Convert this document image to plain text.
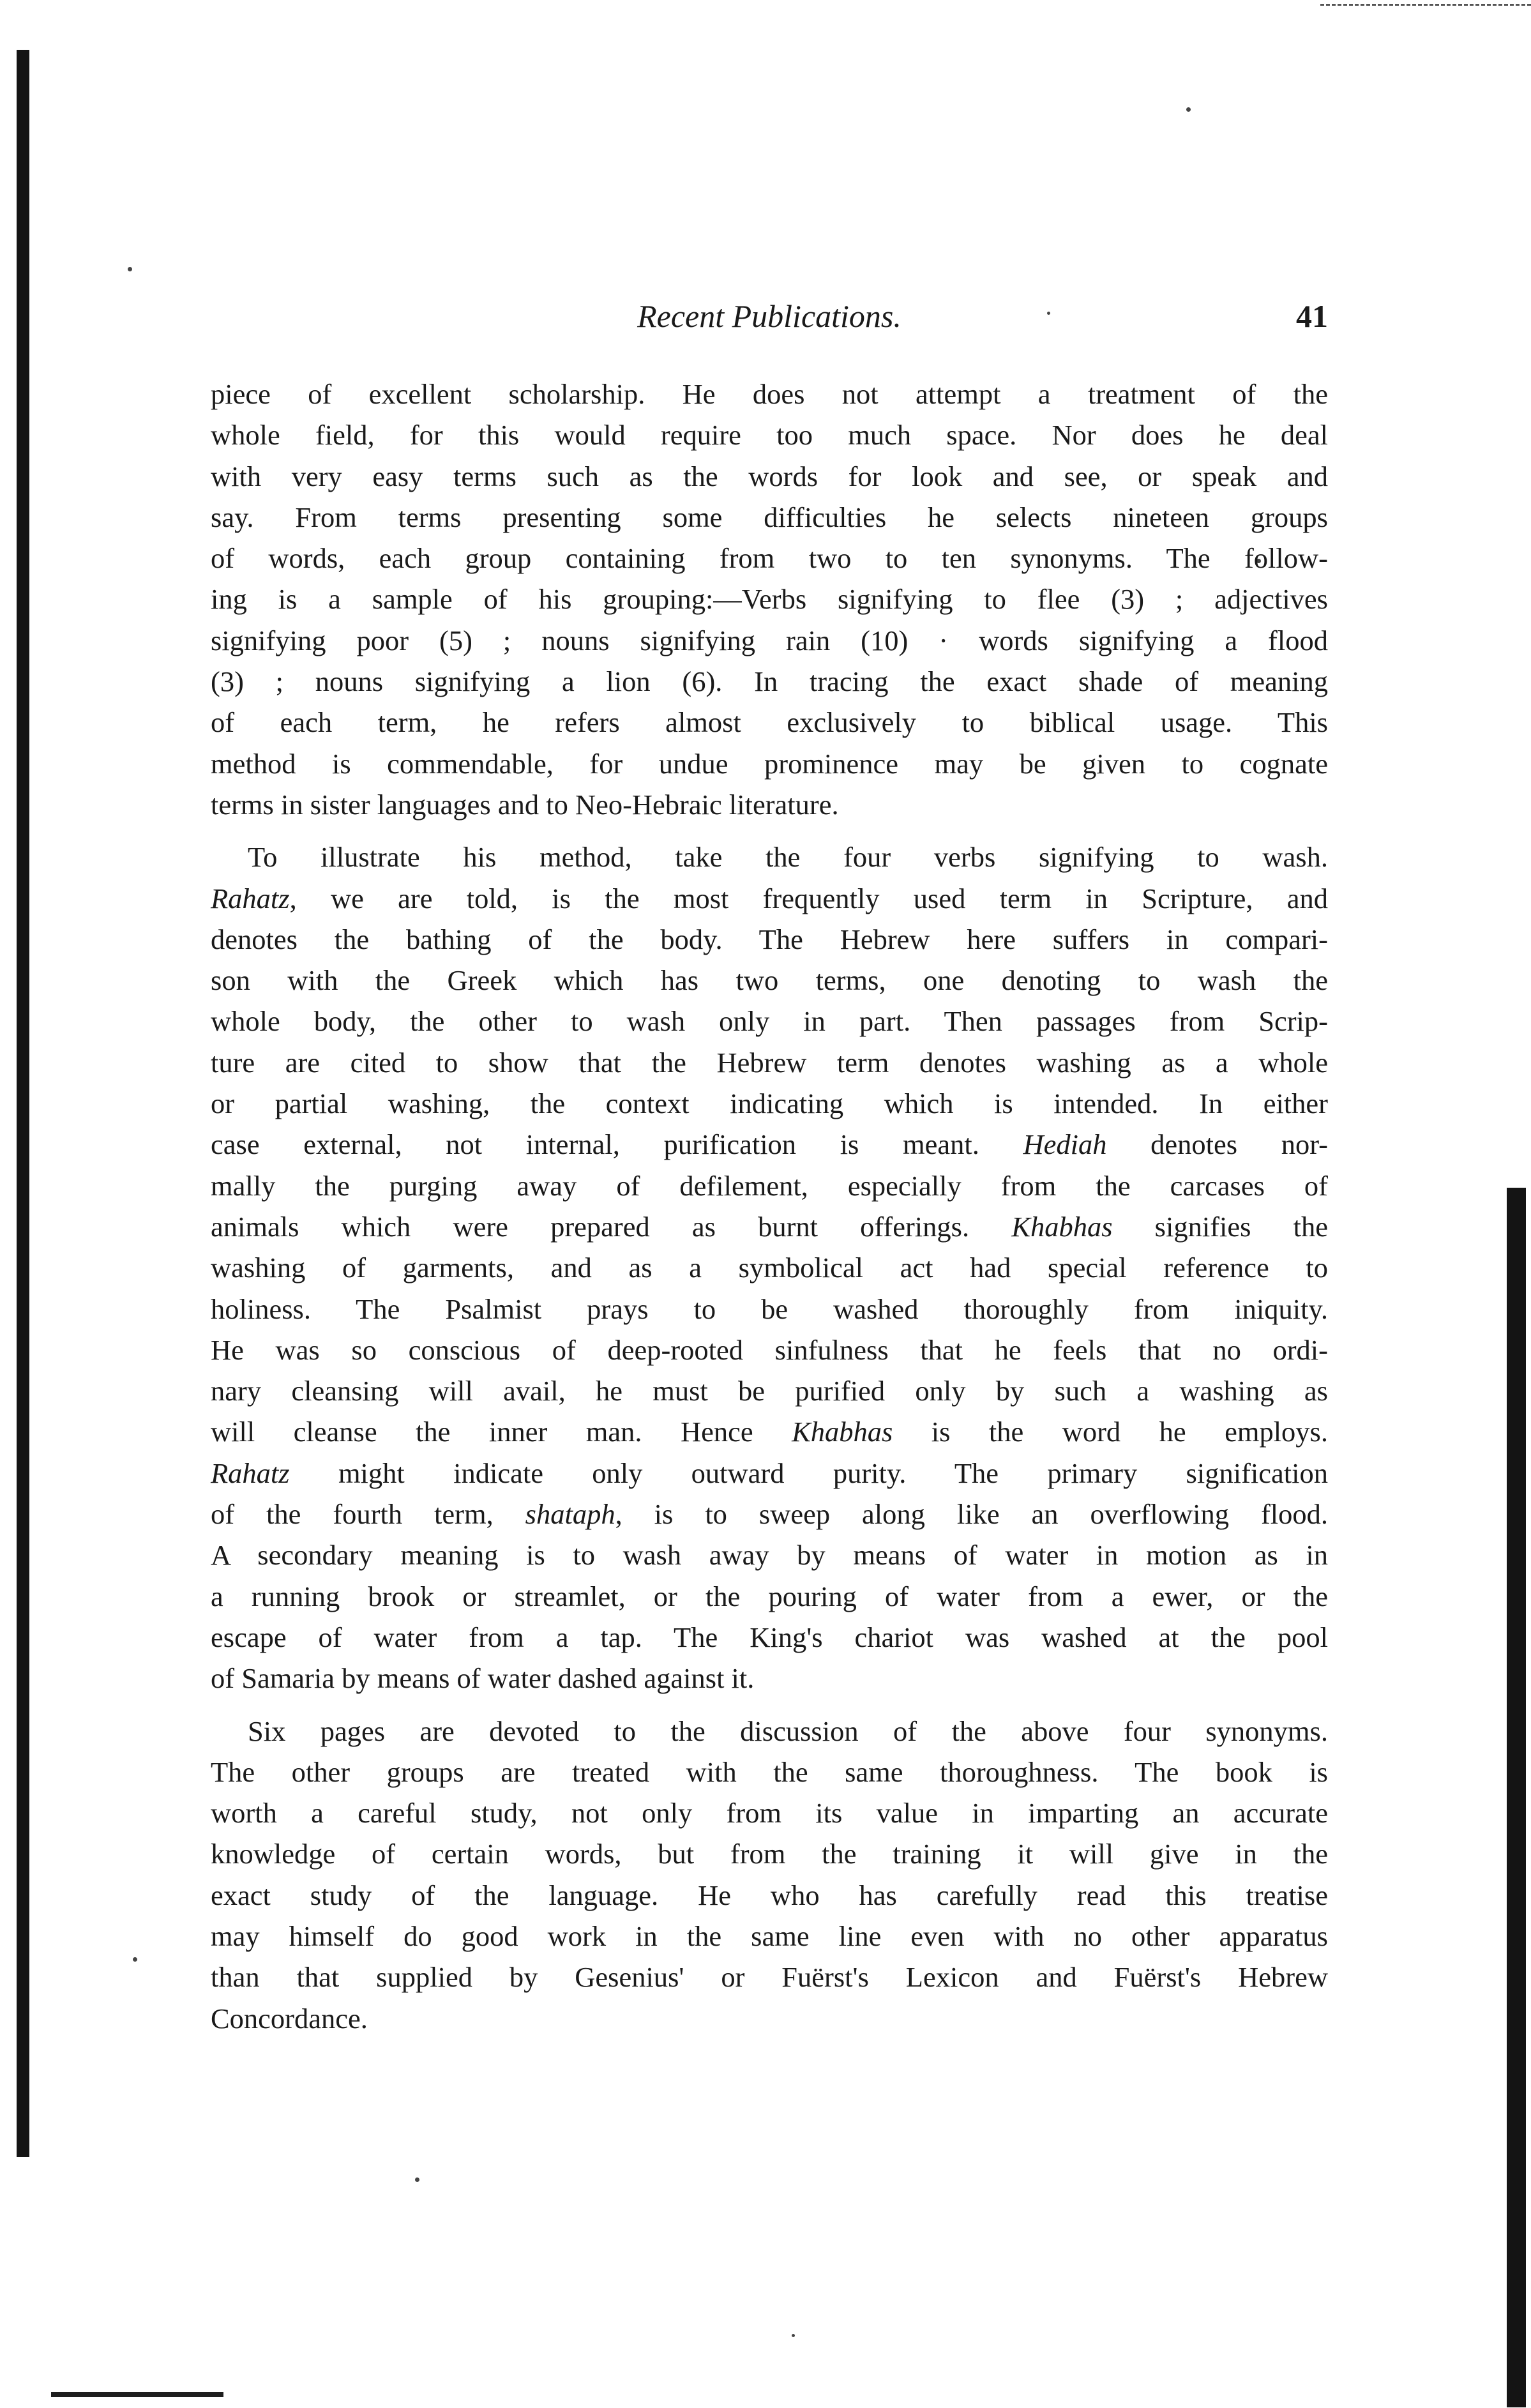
Recent Publications.	41
piece of excellent scholarship. He does not attempt a treatment of the
whole field, for this would require too much space. Nor does he deal
with very easy terms such as the words for look and see, or speak and
say. From terms presenting some difficulties he selects nineteen groups
of words, each group containing from two to ten synonyms. The follow-
ing is a sample of his grouping:—Verbs signifying to flee (3) ; adjectives
signifying poor (5) ; nouns signifying rain (10) · words signifying a flood
(3) ; nouns signifying a lion (6). In tracing the exact shade of meaning
of each term, he refers almost exclusively to biblical usage. This
method is commendable, for undue prominence may be given to cognate
terms in sister languages and to Neo-Hebraic literature.
To illustrate his method, take the four verbs signifying to wash.
Rahatz, we are told, is the most frequently used term in Scripture, and
denotes the bathing of the body. The Hebrew here suffers in compari-
son with the Greek which has two terms, one denoting to wash the
whole body, the other to wash only in part. Then passages from Scrip-
ture are cited to show that the Hebrew term denotes washing as a whole
or partial washing, the context indicating which is intended. In either
case external, not internal, purification is meant. Hediah denotes nor-
mally the purging away of defilement, especially from the carcases of
animals which were prepared as burnt offerings. Khabhas signifies the
washing of garments, and as a symbolical act had special reference to
holiness. The Psalmist prays to be washed thoroughly from iniquity.
He was so conscious of deep-rooted sinfulness that he feels that no ordi-
nary cleansing will avail, he must be purified only by such a washing as
will cleanse the inner man. Hence Khabhas is the word he employs.
Rahatz might indicate only outward purity. The primary signification
of the fourth term, shataph, is to sweep along like an overflowing flood.
A secondary meaning is to wash away by means of water in motion as in
a running brook or streamlet, or the pouring of water from a ewer, or the
escape of water from a tap. The King's chariot was washed at the pool
of Samaria by means of water dashed against it.
Six pages are devoted to the discussion of the above four synonyms.
The other groups are treated with the same thoroughness. The book is
worth a careful study, not only from its value in imparting an accurate
knowledge of certain words, but from the training it will give in the
exact study of the language. He who has carefully read this treatise
may himself do good work in the same line even with no other apparatus
than that supplied by Gesenius' or Fuërst's Lexicon and Fuërst's Hebrew
Concordance.
